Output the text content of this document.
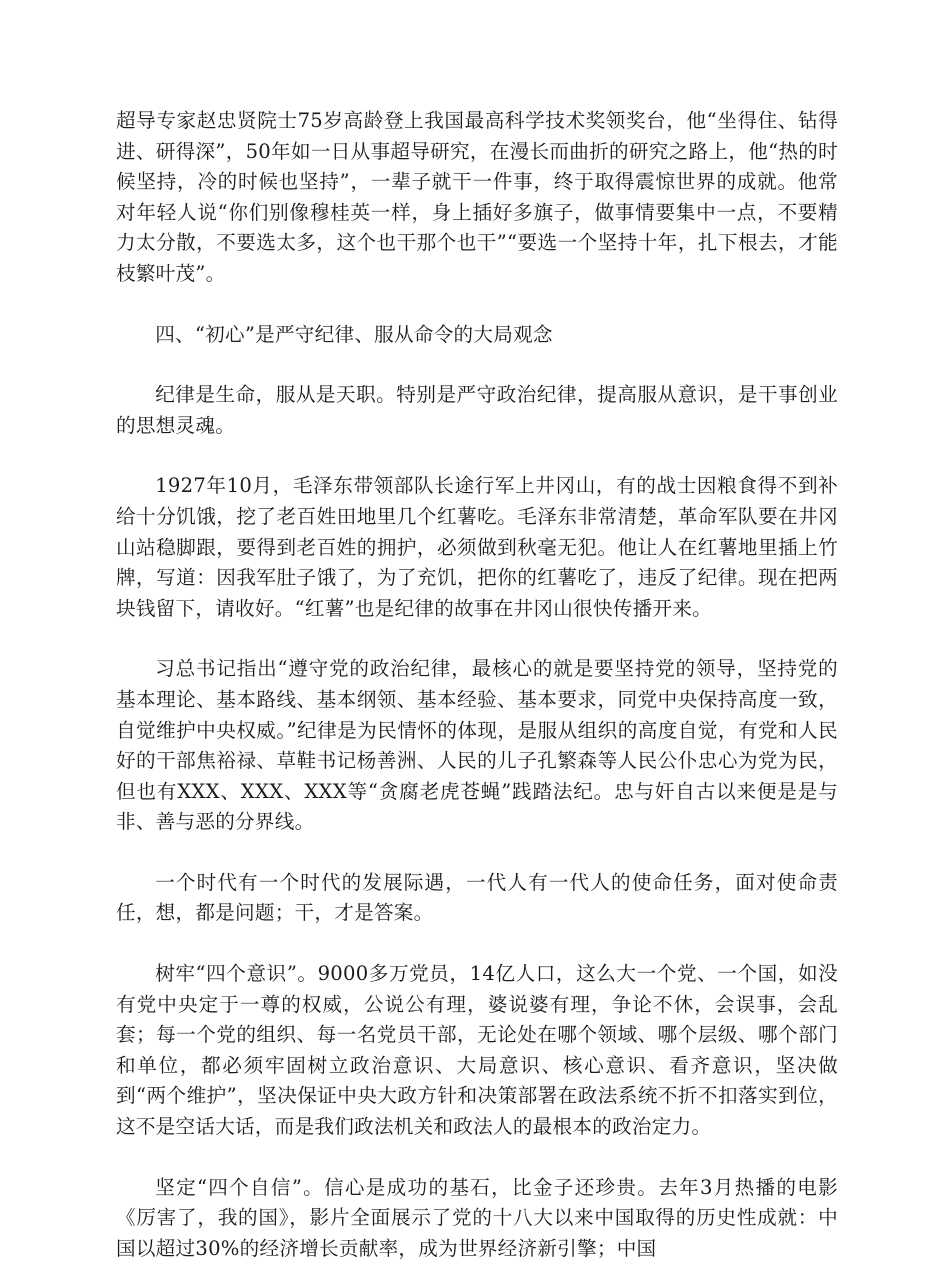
超导专家赵忠贤院士75岁高龄登上我国最高科学技术奖领奖台，他“坐得住、钻得进、研得深”，50年如一日从事超导研究，在漫长而曲折的研究之路上，他“热的时候坚持，冷的时候也坚持”，一辈子就干一件事，终于取得震惊世界的成就。他常对年轻人说“你们别像穆桂英一样，身上插好多旗子，做事情要集中一点，不要精力太分散，不要选太多，这个也干那个也干”“要选一个坚持十年，扎下根去，才能枝繁叶茂”。

四、“初心”是严守纪律、服从命令的大局观念

纪律是生命，服从是天职。特别是严守政治纪律，提高服从意识，是干事创业的思想灵魂。

1927年10月，毛泽东带领部队长途行军上井冈山，有的战士因粮食得不到补给十分饥饿，挖了老百姓田地里几个红薯吃。毛泽东非常清楚，革命军队要在井冈山站稳脚跟，要得到老百姓的拥护，必须做到秋毫无犯。他让人在红薯地里插上竹牌，写道：因我军肚子饿了，为了充饥，把你的红薯吃了，违反了纪律。现在把两块钱留下，请收好。“红薯”也是纪律的故事在井冈山很快传播开来。

习总书记指出“遵守党的政治纪律，最核心的就是要坚持党的领导，坚持党的基本理论、基本路线、基本纲领、基本经验、基本要求，同党中央保持高度一致，自觉维护中央权威。”纪律是为民情怀的体现，是服从组织的高度自觉，有党和人民好的干部焦裕禄、草鞋书记杨善洲、人民的儿子孔繁森等人民公仆忠心为党为民，但也有XXX、XXX、XXX等“贪腐老虎苍蝇”践踏法纪。忠与奸自古以来便是是与非、善与恶的分界线。

一个时代有一个时代的发展际遇，一代人有一代人的使命任务，面对使命责任，想，都是问题；干，才是答案。

树牢“四个意识”。9000多万党员，14亿人口，这么大一个党、一个国，如没有党中央定于一尊的权威，公说公有理，婆说婆有理，争论不休，会误事，会乱套；每一个党的组织、每一名党员干部，无论处在哪个领域、哪个层级、哪个部门和单位，都必须牢固树立政治意识、大局意识、核心意识、看齐意识，坚决做到“两个维护”，坚决保证中央大政方针和决策部署在政法系统不折不扣落实到位，这不是空话大话，而是我们政法机关和政法人的最根本的政治定力。

坚定“四个自信”。信心是成功的基石，比金子还珍贵。去年3月热播的电影《厉害了，我的国》，影片全面展示了党的十八大以来中国取得的历史性成就：中国以超过30%的经济增长贡献率，成为世界经济新引擎；中国
